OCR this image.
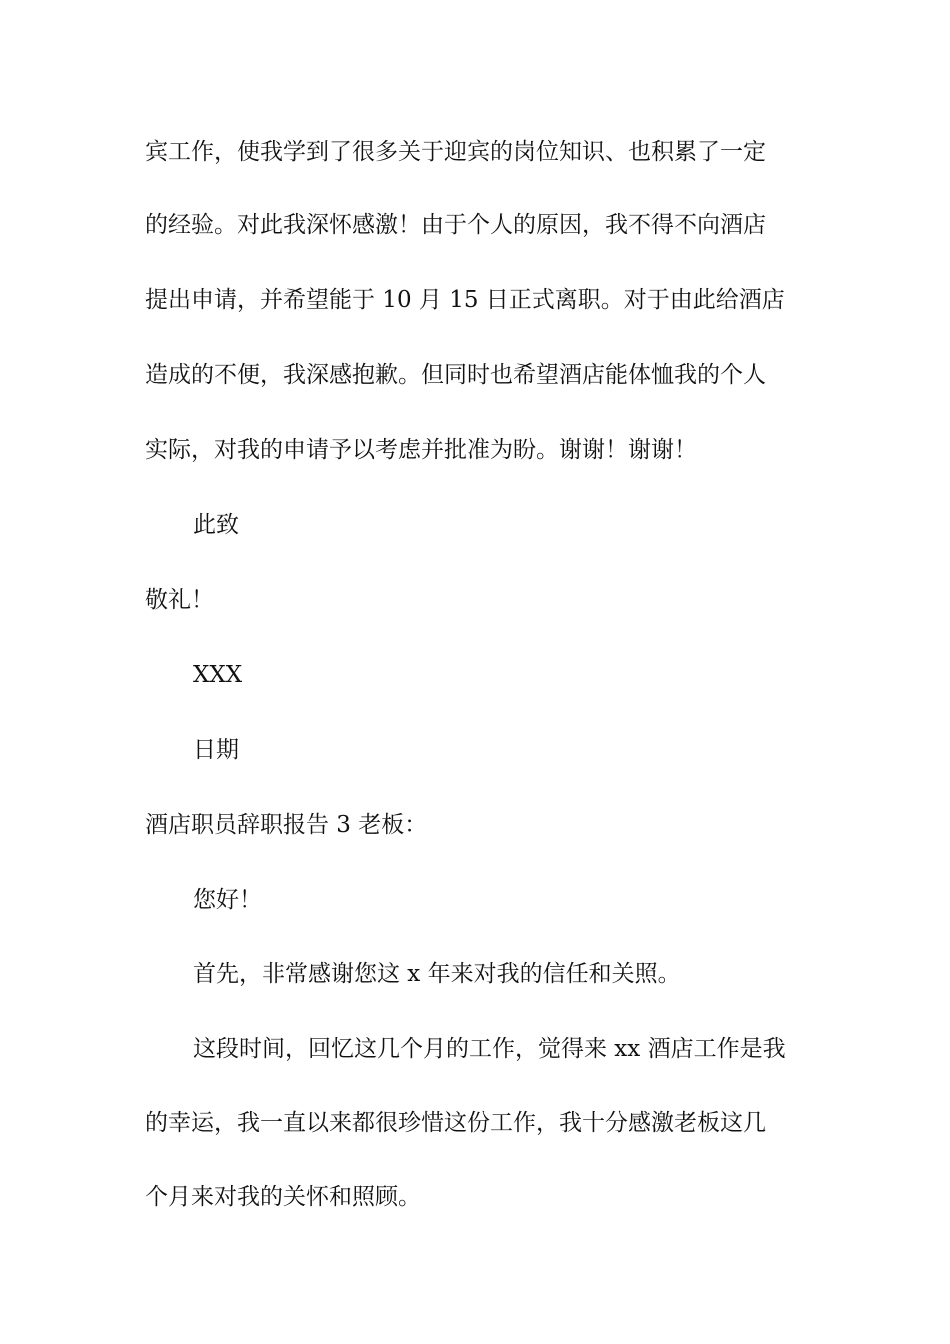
宾工作，使我学到了很多关于迎宾的岗位知识、也积累了一定
的经验。对此我深怀感激！由于个人的原因，我不得不向酒店
提出申请，并希望能于 10 月 15 日正式离职。对于由此给酒店
造成的不便，我深感抱歉。但同时也希望酒店能体恤我的个人
实际，对我的申请予以考虑并批准为盼。谢谢！谢谢！
此致
敬礼！
XXX
日期
酒店职员辞职报告 3 老板：
您好！
首先，非常感谢您这 x 年来对我的信任和关照。
这段时间，回忆这几个月的工作，觉得来 xx 酒店工作是我
的幸运，我一直以来都很珍惜这份工作，我十分感激老板这几
个月来对我的关怀和照顾。
